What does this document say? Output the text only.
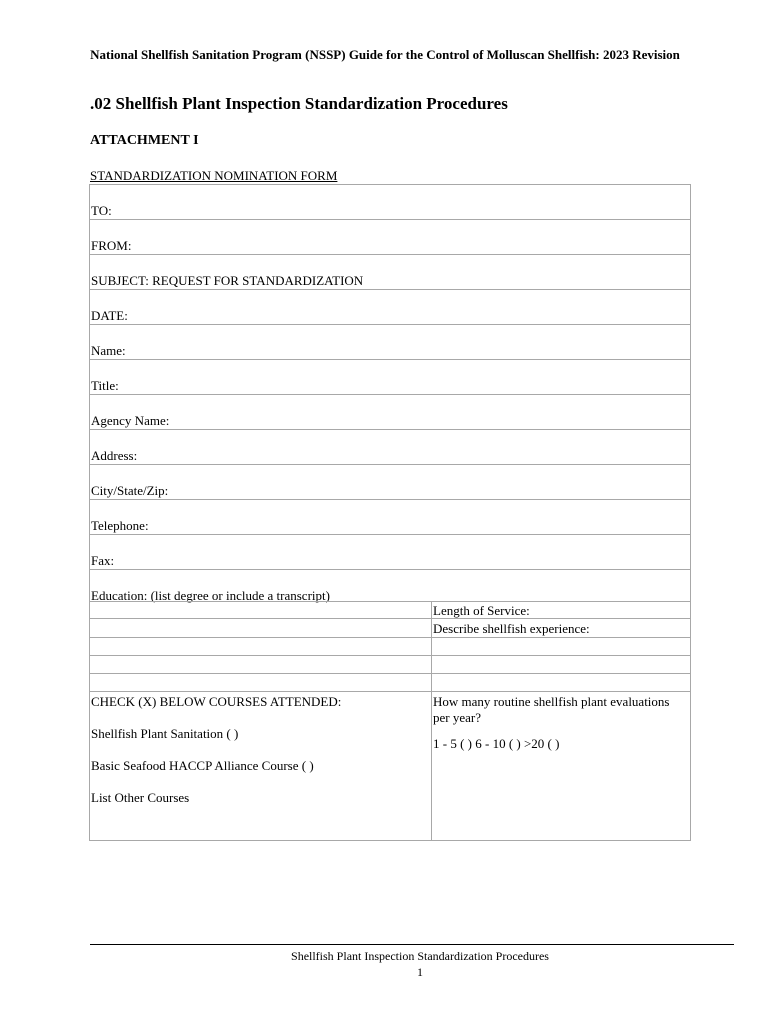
National Shellfish Sanitation Program (NSSP) Guide for the Control of Molluscan Shellfish: 2023 Revision
.02 Shellfish Plant Inspection Standardization Procedures
ATTACHMENT I
STANDARDIZATION NOMINATION FORM
TO:
FROM:
SUBJECT: REQUEST FOR STANDARDIZATION
DATE:
Name:
Title:
Agency Name:
Address:
City/State/Zip:
Telephone:
Fax:
Education: (list degree or include a transcript)
Length of Service:
Describe shellfish experience:
CHECK (X) BELOW COURSES ATTENDED:
Shellfish Plant Sanitation ( )
Basic Seafood HACCP Alliance Course ( )
List Other Courses
How many routine shellfish plant evaluations per year?
1 - 5 ( ) 6 - 10 ( ) >20 ( )
Shellfish Plant Inspection Standardization Procedures
1
